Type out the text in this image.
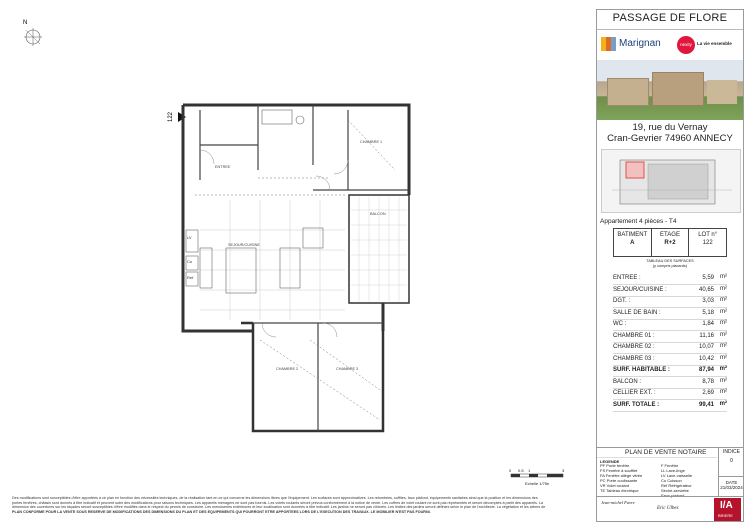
N
122
LV
Cu
Ref
ENTREE
SEJOUR/CUISINE
CHAMBRE 1
CHAMBRE 2	CHAMBRE 3
BALCON
0 0.5 1	3
Echelle 1/75e
Des modifications sont susceptibles d'être apportées à ce plan en fonction des nécessités techniques, de la réalisation tant en ce qui concerne les dimensions libres que l'équipement. Les surfaces sont approximatives. Les retombées, soffites, faux plafond, équipements sanitaires ainsi que la position et les dimensions des
portes fenêtres, châssis sont donnés à titre indicatif et peuvent subir des modifications pour raisons techniques. Les appareils ménagers ne sont pas fournis. Les volets roulants seront prévus conformément à la notice de vente. Les coffres de volet roulant ne sont pas représentés et seront décomptés à partir des appareils. La
dimension des ouvertures sur les façades seront susceptibles d'être modifiés dans le respect du permis de construire. Les menuiseries extérieures et leur localisation sont données à titre indicatif. Les jardins ne seront pas clôturés. Les limites des jardins seront définies selon le plan de l'architecte. La végétation et les arbres de
PLAN CONFORME POUR LA VENTE SOUS RESERVE DE MODIFICATIONS DES DIMENSIONS DU PLAN ET DES EQUIPEMENTS QUI POURRONT ETRE APPORTEES LORS DE L'EXECUTION DES TRAVAUX. LE MOBILIER N'EST PAS FOURNI.
PASSAGE DE FLORE
Marignan	nexity	La vie ensemble
19, rue du Vernay
Cran-Gevrier 74960 ANNECY
Appartement 4 pièces - T4
BATIMENT
A
ETAGE
R+2
LOT n°
122
TABLEAU DES SURFACES
(y compris placards)
ENTREE :	5,59 m²
SEJOUR/CUISINE :	40,65 m²
DGT. :	3,03 m²
SALLE DE BAIN :	5,18 m²
WC :	1,84 m²
CHAMBRE 01 :	11,16 m²
CHAMBRE 02 :	10,07 m²
CHAMBRE 03 :	10,42 m²
SURF. HABITABLE :	87,94 m²
BALCON :	8,78 m²
CELLIER EXT. :	2,69 m²
SURF. TOTALE :	99,41 m²
PLAN DE VENTE NOTAIRE
LEGENDE
PF Porte fenêtre
FS Fenêtre à soufflet
FA Fenêtre allège vitrée
PC Porte coulissante
VR Volet roulant
TE Tableau électrique
F Fenêtre
LL Lave-linge
LV Lave-vaisselle
Cu Cuisson
Réf Réfrigérateur
Sèche-serviette
Faux-plafond
INDICE
0
DATE
21/03/2024
Jean-michel Favre
Eric Ulbes	I/A
BRIERE
